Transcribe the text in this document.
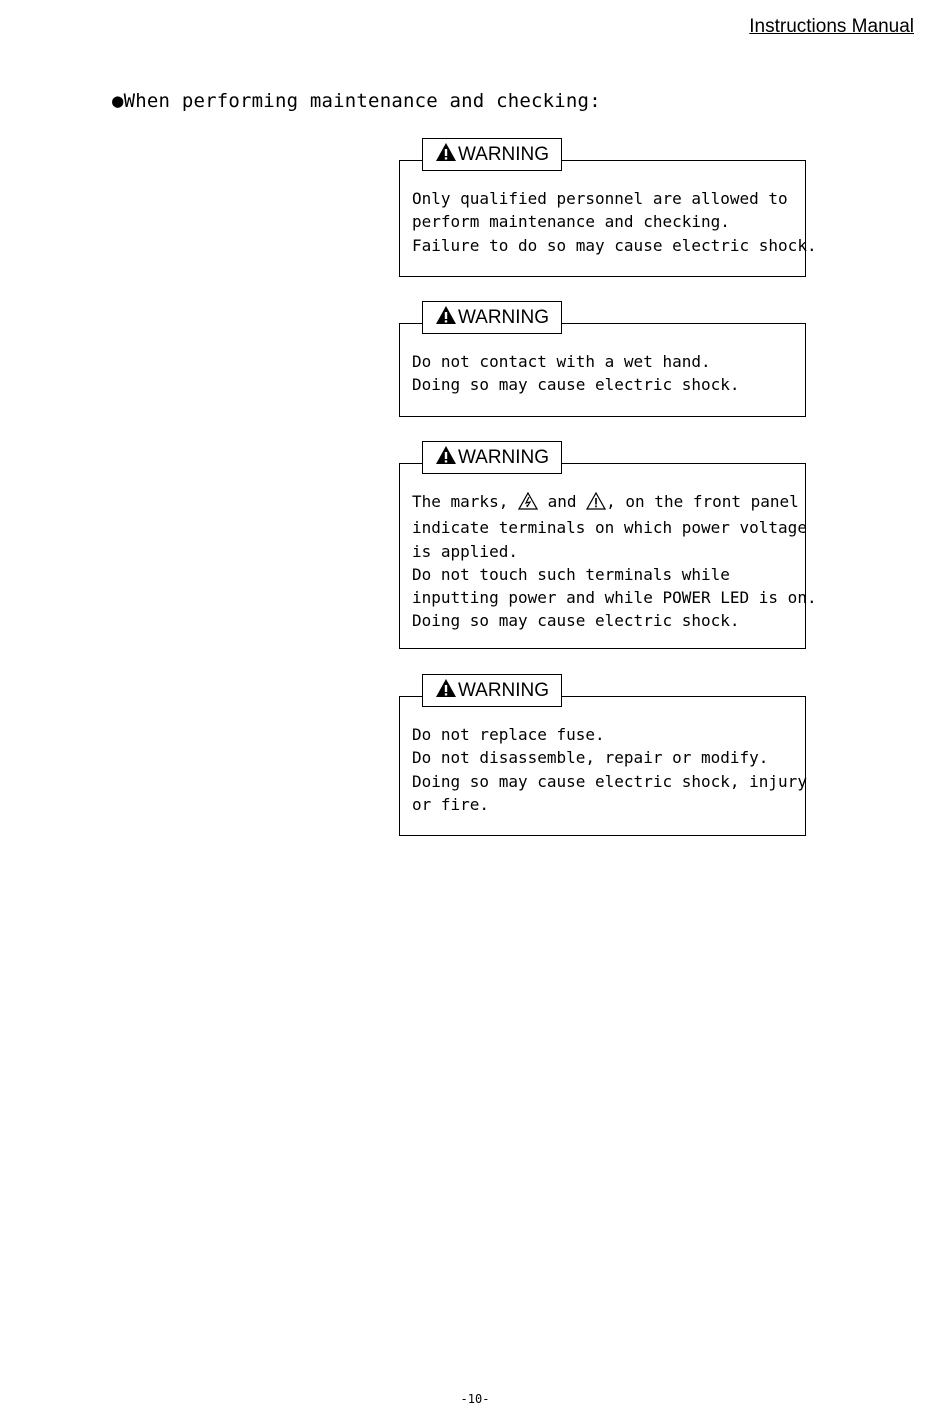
Instructions Manual
●When performing maintenance and checking:
WARNING

Only qualified personnel are allowed to

perform maintenance and checking.

Failure to do so may cause electric shock.

WARNING

Do not contact with a wet hand.

Doing so may cause electric shock.

WARNING

The marks,  and , on the front panel

indicate terminals on which power voltage

is applied.

Do not touch such terminals while

inputting power and while POWER LED is on.

Doing so may cause electric shock.

WARNING

Do not replace fuse.

Do not disassemble, repair or modify.

Doing so may cause electric shock, injury

or fire.

-10-
